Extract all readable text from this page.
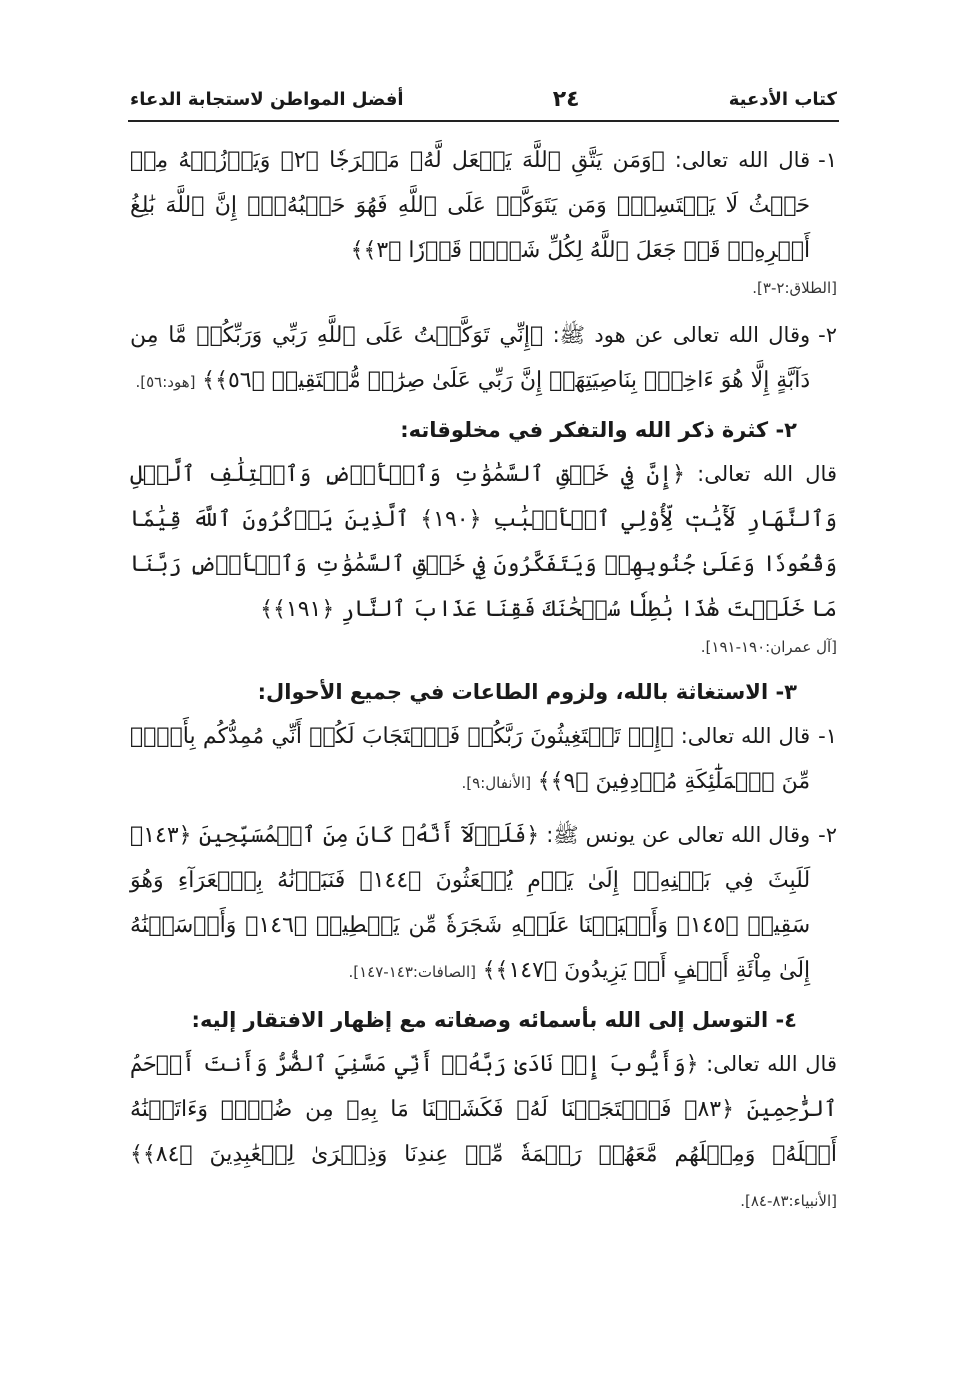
كتاب الأدعية
٢٤
أفضل المواطن لاستجابة الدعاء
١-

قال الله تعالى: ﴿وَمَن يَتَّقِ ٱللَّهَ يَجۡعَل لَّهُۥ مَخۡرَجٗا ﴿٢﴾ وَيَرۡزُقۡهُ مِنۡ حَيۡثُ لَا يَحۡتَسِبُۚ وَمَن يَتَوَكَّلۡ عَلَى ٱللَّهِ فَهُوَ حَسۡبُهُۥٓۚ إِنَّ ٱللَّهَ بَٰلِغُ أَمۡرِهِۦۚ قَدۡ جَعَلَ ٱللَّهُ لِكُلِّ شَيۡءٖ قَدۡرٗا ﴿٣﴾﴾

[الطلاق:٢-٣].

٢-

وقال الله تعالى عن هود ﷺ: ﴿إِنِّي تَوَكَّلۡتُ عَلَى ٱللَّهِ رَبِّي وَرَبِّكُمۚ مَّا مِن دَآبَّةٍ إِلَّا هُوَ ءَاخِذُۢ بِنَاصِيَتِهَآۚ إِنَّ رَبِّي عَلَىٰ صِرَٰطٖ مُّسۡتَقِيمٖ ﴿٥٦﴾﴾ [هود:٥٦].

٢- كثرة ذكر الله والتفكر في مخلوقاته:

قال الله تعالى: ﴿إِنَّ فِي خَلۡقِ ٱلسَّمَٰوَٰتِ وَٱلۡأَرۡضِ وَٱخۡتِلَٰفِ ٱلَّيۡلِ وَٱلنَّهَارِ لَأٓيَٰتٖ لِّأُوْلِي ٱلۡأَلۡبَٰبِ ﴿١٩٠﴾ ٱلَّذِينَ يَذۡكُرُونَ ٱللَّهَ قِيَٰمٗا وَقُعُودٗا وَعَلَىٰ جُنُوبِهِمۡ وَيَتَفَكَّرُونَ فِي خَلۡقِ ٱلسَّمَٰوَٰتِ وَٱلۡأَرۡضِ رَبَّنَا مَا خَلَقۡتَ هَٰذَا بَٰطِلٗا سُبۡحَٰنَكَ فَقِنَا عَذَابَ ٱلنَّارِ ﴿١٩١﴾﴾

[آل عمران:١٩٠-١٩١].

٣- الاستغاثة بالله، ولزوم الطاعات في جميع الأحوال:
١-

قال الله تعالى: ﴿إِذۡ تَسۡتَغِيثُونَ رَبَّكُمۡ فَٱسۡتَجَابَ لَكُمۡ أَنِّي مُمِدُّكُم بِأَلۡفٖ مِّنَ ٱلۡمَلَٰٓئِكَةِ مُرۡدِفِينَ ﴿٩﴾﴾ [الأنفال:٩].

٢-

وقال الله تعالى عن يونس ﷺ: ﴿فَلَوۡلَآ أَنَّهُۥ كَانَ مِنَ ٱلۡمُسَبِّحِينَ ﴿١٤٣﴾ لَلَبِثَ فِي بَطۡنِهِۦٓ إِلَىٰ يَوۡمِ يُبۡعَثُونَ ﴿١٤٤﴾ فَنَبَذۡنَٰهُ بِٱلۡعَرَآءِ وَهُوَ سَقِيمٞ ﴿١٤٥﴾ وَأَنۢبَتۡنَا عَلَيۡهِ شَجَرَةٗ مِّن يَقۡطِينٖ ﴿١٤٦﴾ وَأَرۡسَلۡنَٰهُ إِلَىٰ مِاْئَةِ أَلۡفٍ أَوۡ يَزِيدُونَ ﴿١٤٧﴾﴾ [الصافات:١٤٣-١٤٧].

٤- التوسل إلى الله بأسمائه وصفاته مع إظهار الافتقار إليه:

قال الله تعالى: ﴿وَأَيُّوبَ إِذۡ نَادَىٰ رَبَّهُۥٓ أَنِّي مَسَّنِيَ ٱلضُّرُّ وَأَنتَ أَرۡحَمُ ٱلرَّٰحِمِينَ ﴿٨٣﴾ فَٱسۡتَجَبۡنَا لَهُۥ فَكَشَفۡنَا مَا بِهِۦ مِن ضُرّٖۖ وَءَاتَيۡنَٰهُ أَهۡلَهُۥ وَمِثۡلَهُم مَّعَهُمۡ رَحۡمَةٗ مِّنۡ عِندِنَا وَذِكۡرَىٰ لِلۡعَٰبِدِينَ ﴿٨٤﴾﴾ [الأنبياء:٨٣-٨٤].
